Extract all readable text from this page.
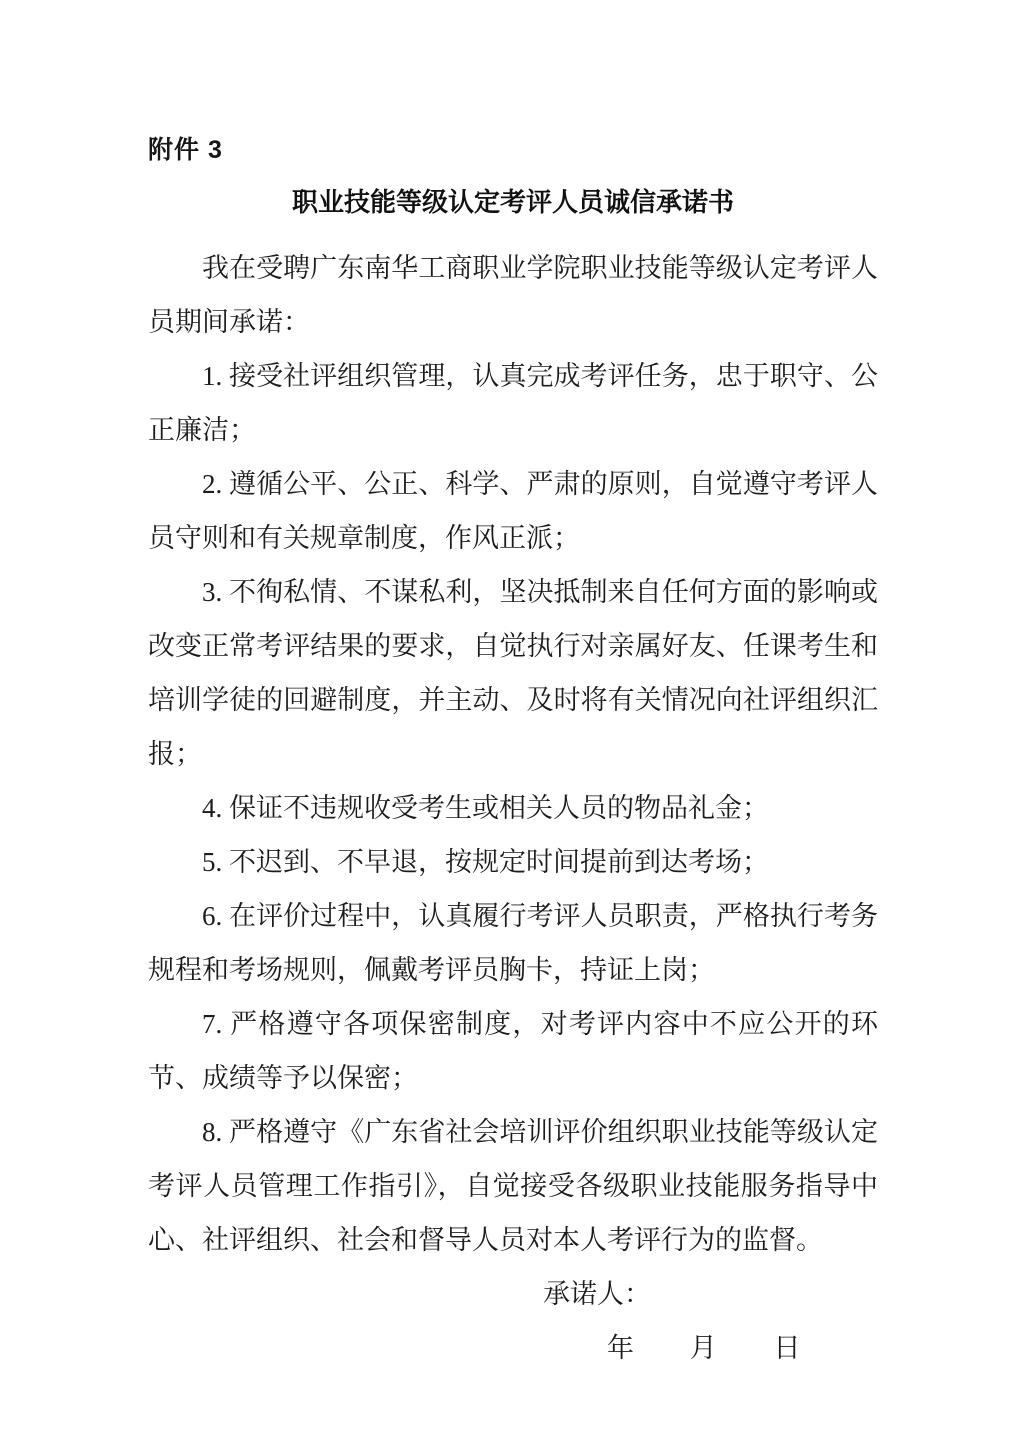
附件 3
职业技能等级认定考评人员诚信承诺书

我在受聘广东南华工商职业学院职业技能等级认定考评人员期间承诺：

1. 接受社评组织管理，认真完成考评任务，忠于职守、公正廉洁；

2. 遵循公平、公正、科学、严肃的原则，自觉遵守考评人员守则和有关规章制度，作风正派；

3. 不徇私情、不谋私利，坚决抵制来自任何方面的影响或改变正常考评结果的要求，自觉执行对亲属好友、任课考生和培训学徒的回避制度，并主动、及时将有关情况向社评组织汇报；

4. 保证不违规收受考生或相关人员的物品礼金；

5. 不迟到、不早退，按规定时间提前到达考场；

6. 在评价过程中，认真履行考评人员职责，严格执行考务规程和考场规则，佩戴考评员胸卡，持证上岗；

7. 严格遵守各项保密制度，对考评内容中不应公开的环节、成绩等予以保密；

8. 严格遵守《广东省社会培训评价组织职业技能等级认定考评人员管理工作指引》，自觉接受各级职业技能服务指导中心、社评组织、社会和督导人员对本人考评行为的监督。

承诺人：
年 月 日
